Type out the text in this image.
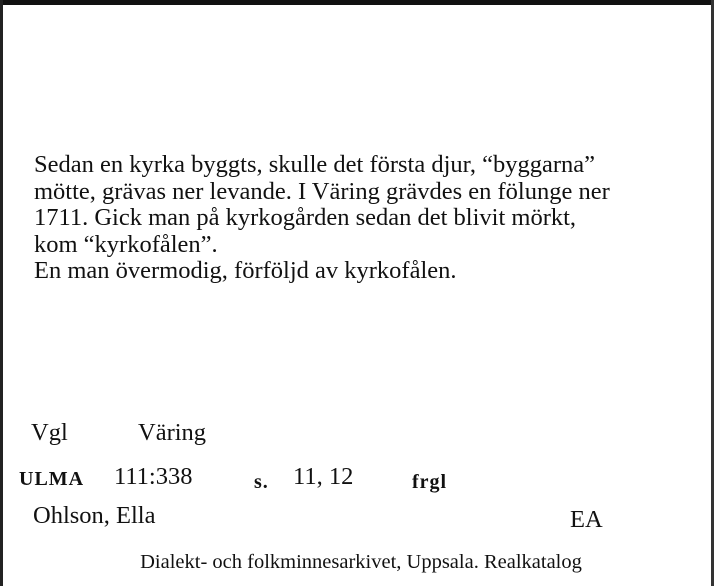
Sedan en kyrka byggts, skulle det första djur, “byggarna”
mötte, grävas ner levande. I Väring grävdes en fölunge ner
1711. Gick man på kyrkogården sedan det blivit mörkt,
kom “kyrkofålen”.
En man övermodig, förföljd av kyrkofålen.
Vgl	Väring
ULMA 111:338	s. 11, 12	frgl
Ohlson, Ella	EA
Dialekt- och folkminnesarkivet, Uppsala. Realkatalog
